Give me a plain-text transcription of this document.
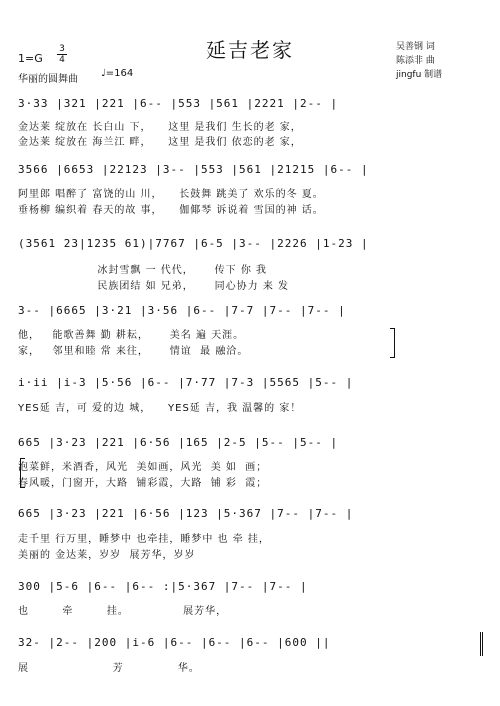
延吉老家	吴善钢 词
陈添非 曲
jingfu 制谱
1=G
3
4
华丽的圆舞曲
♩=164
3·33 |321 |221 |6-- |553 |561 |2221 |2-- |
金达莱 绽放在 长白山 下，    这里 是我们 生长的老 家，
金达莱 绽放在 海兰江 畔，    这里 是我们 依恋的老 家，
3566 |6653 |22123 |3-- |553 |561 |21215 |6-- |
阿里郎 唱醉了 富饶的山 川，    长鼓舞 跳美了 欢乐的冬 夏。
垂杨柳 编织着 春天的故 事，    伽倻琴 诉说着 雪国的神 话。
(3561 23|1235 61)|7767 |6-5 |3-- |2226 |1-23 |
冰封雪飘 一 代代，     传下 你 我
民族团结 如 兄弟，     同心协力 来 发
3-- |6665 |3·21 |3·56 |6-- |7-7 |7-- |7-- |
他，   能歌善舞 勤 耕耘，     美名 遍 天涯。
家，   邻里和睦 常 来往，     情谊  最 融洽。
i·ii |i-3 |5·56 |6-- |7·77 |7-3 |5565 |5-- |
YES延 吉，可 爱的边 城，    YES延 吉，我 温馨的 家！
665 |3·23 |221 |6·56 |165 |2-5 |5-- |5-- |
泡菜鲜，米酒香，风光  美如画，风光  美 如  画；
春风暖，门窗开，大路  铺彩霞，大路  铺 彩  霞；
665 |3·23 |221 |6·56 |123 |5·367 |7-- |7-- |
走千里 行万里，睡梦中 也牵挂，睡梦中 也 牵 挂，
美丽的 金达莱，岁岁  展芳华，岁岁
300 |5-6 |6-- |6-- :|5·367 |7-- |7-- |
也        牵        挂。             展芳华，
32- |2-- |200 |i-6 |6-- |6-- |6-- |600 ||
展                    芳             华。
